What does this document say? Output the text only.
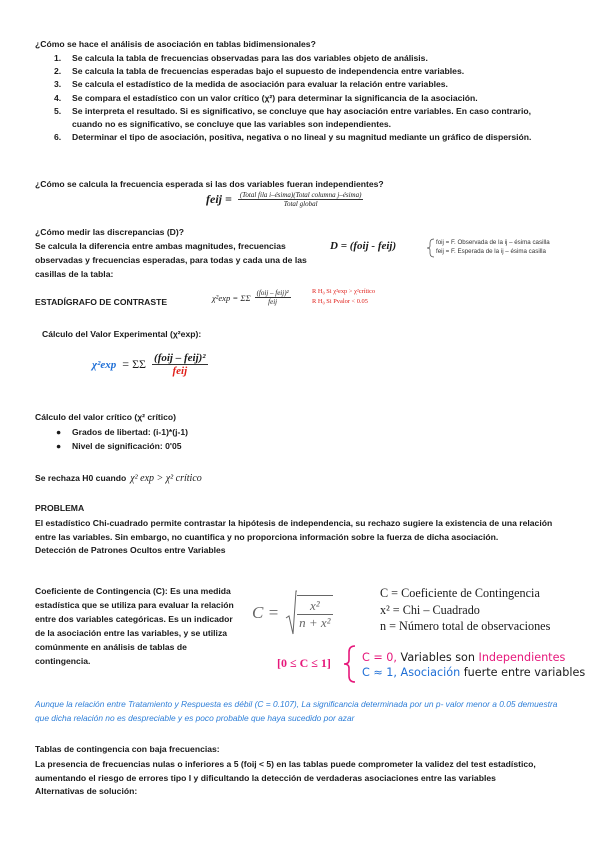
¿Cómo se hace el análisis de asociación en tablas bidimensionales?
1. Se calcula la tabla de frecuencias observadas para las dos variables objeto de análisis.
2. Se calcula la tabla de frecuencias esperadas bajo el supuesto de independencia entre variables.
3. Se calcula el estadístico de la medida de asociación para evaluar la relación entre variables.
4. Se compara el estadístico con un valor crítico (χ²) para determinar la significancia de la asociación.
5. Se interpreta el resultado. Si es significativo, se concluye que hay asociación entre variables. En caso contrario, cuando no es significativo, se concluye que las variables son independientes.
6. Determinar el tipo de asociación, positiva, negativa o no lineal y su magnitud mediante un gráfico de dispersión.
¿Cómo se calcula la frecuencia esperada si las dos variables fueran independientes?
feij = $\frac{\text{(Total fila i–ésima)(Total columna j–ésima)}}{\text{Total global}}$
¿Cómo medir las discrepancias (D)?
Se calcula la diferencia entre ambas magnitudes, frecuencias observadas y frecuencias esperadas, para todas y cada una de las casillas de la tabla:
D = (foij - feij)	foij = F. Observada de la ij – ésima casilla
feij = F. Esperada de la ij – ésima casilla
ESTADÍGRAFO DE CONTRASTE	χ²exp = ΣΣ $\frac{\text{(foij – feij)²}}{\text{feij}}$	R H₀ Si χ²exp > χ²crítico
R H₀ Si Pvalor < 0.05
Cálculo del Valor Experimental (χ²exp):
χ²exp = ΣΣ $\frac{\text{(foij – feij)²}}{\text{feij}}$
Cálculo del valor crítico (χ² crítico)
● Grados de libertad: (i-1)*(j-1)
● Nivel de significación: 0'05
Se rechaza H0 cuando χ² exp > χ² crítico
PROBLEMA
El estadístico Chi-cuadrado permite contrastar la hipótesis de independencia, su rechazo sugiere la existencia de una relación entre las variables. Sin embargo, no cuantifica y no proporciona información sobre la fuerza de dicha asociación.
Detección de Patrones Ocultos entre Variables
Coeficiente de Contingencia (C): Es una medida estadística que se utiliza para evaluar la relación entre dos variables categóricas. Es un indicador de la asociación entre las variables, y se utiliza comúnmente en análisis de tablas de contingencia.
$C = \frac{\text{x²}}{\text{n + x²}}$
C = Coeficiente de Contingencia
x² = Chi – Cuadrado
n = Número total de observaciones
[0 ≤ C ≤ 1]	C = 0, Variables son Independientes
C ≈ 1, Asociación fuerte entre variables
Aunque la relación entre Tratamiento y Respuesta es débil (C = 0.107), La significancia determinada por un p- valor menor a 0.05 demuestra que dicha relación no es despreciable y es poco probable que haya sucedido por azar
Tablas de contingencia con baja frecuencias:
La presencia de frecuencias nulas o inferiores a 5 (foij < 5) en las tablas puede comprometer la validez del test estadístico, aumentando el riesgo de errores tipo I y dificultando la detección de verdaderas asociaciones entre las variables
Alternativas de solución:
